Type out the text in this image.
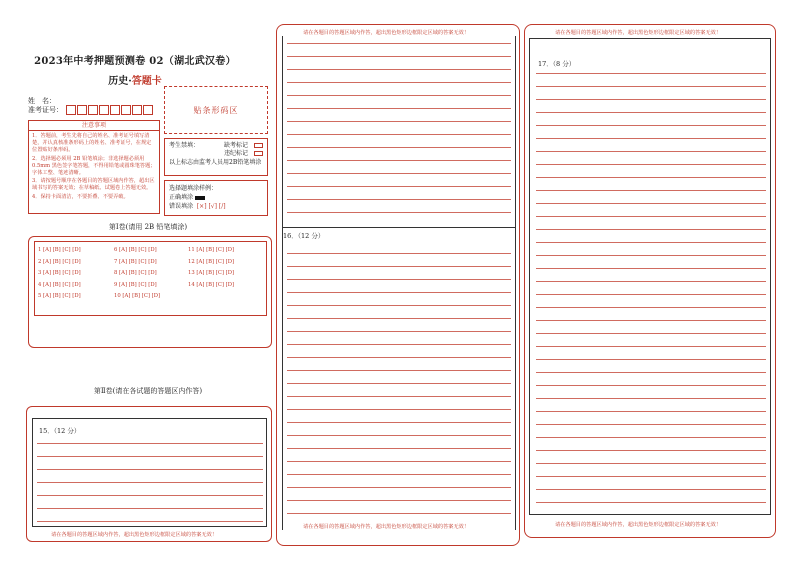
2023年中考押题预测卷 02（湖北武汉卷）
历史·答题卡
姓　名：
准考证号：	贴条形码区
注意事项
1．答题前，考生先将自己的姓名、准考证号填写清楚，并认真核准条形码上的姓名、准考证号，在规定位置贴好条形码。
2．选择题必须用 2B 铅笔填涂；非选择题必须用 0.5mm 黑色签字笔答题，不得用铅笔或圆珠笔答题；字体工整、笔迹清晰。
3．请按题号顺序在各题目的答题区域内作答，超出区域书写的答案无效；在草稿纸、试题卷上答题无效。
4．保持卡面清洁，不要折叠、不要弄破。
考生禁填：	缺考标记
违纪标记
以上标志由监考人员用2B铅笔填涂
选择题填涂样例：
正确填涂
错误填涂 [×] [√] [/]
第Ⅰ卷(请用 2B 铅笔填涂)
1 [A] [B] [C] [D]
2 [A] [B] [C] [D]
3 [A] [B] [C] [D]
4 [A] [B] [C] [D]
5 [A] [B] [C] [D]
6 [A] [B] [C] [D]
7 [A] [B] [C] [D]
8 [A] [B] [C] [D]
9 [A] [B] [C] [D]
10 [A] [B] [C] [D]
11 [A] [B] [C] [D]
12 [A] [B] [C] [D]
13 [A] [B] [C] [D]
14 [A] [B] [C] [D]
第Ⅱ卷(请在各试题的答题区内作答)
15．（12 分）
请在各题目的答题区域内作答，超出黑色矩形边框限定区域的答案无效！
请在各题目的答题区域内作答，超出黑色矩形边框限定区域的答案无效！
16．（12 分）
请在各题目的答题区域内作答，超出黑色矩形边框限定区域的答案无效！
请在各题目的答题区域内作答，超出黑色矩形边框限定区域的答案无效！
17．（8 分）
请在各题目的答题区域内作答，超出黑色矩形边框限定区域的答案无效！
